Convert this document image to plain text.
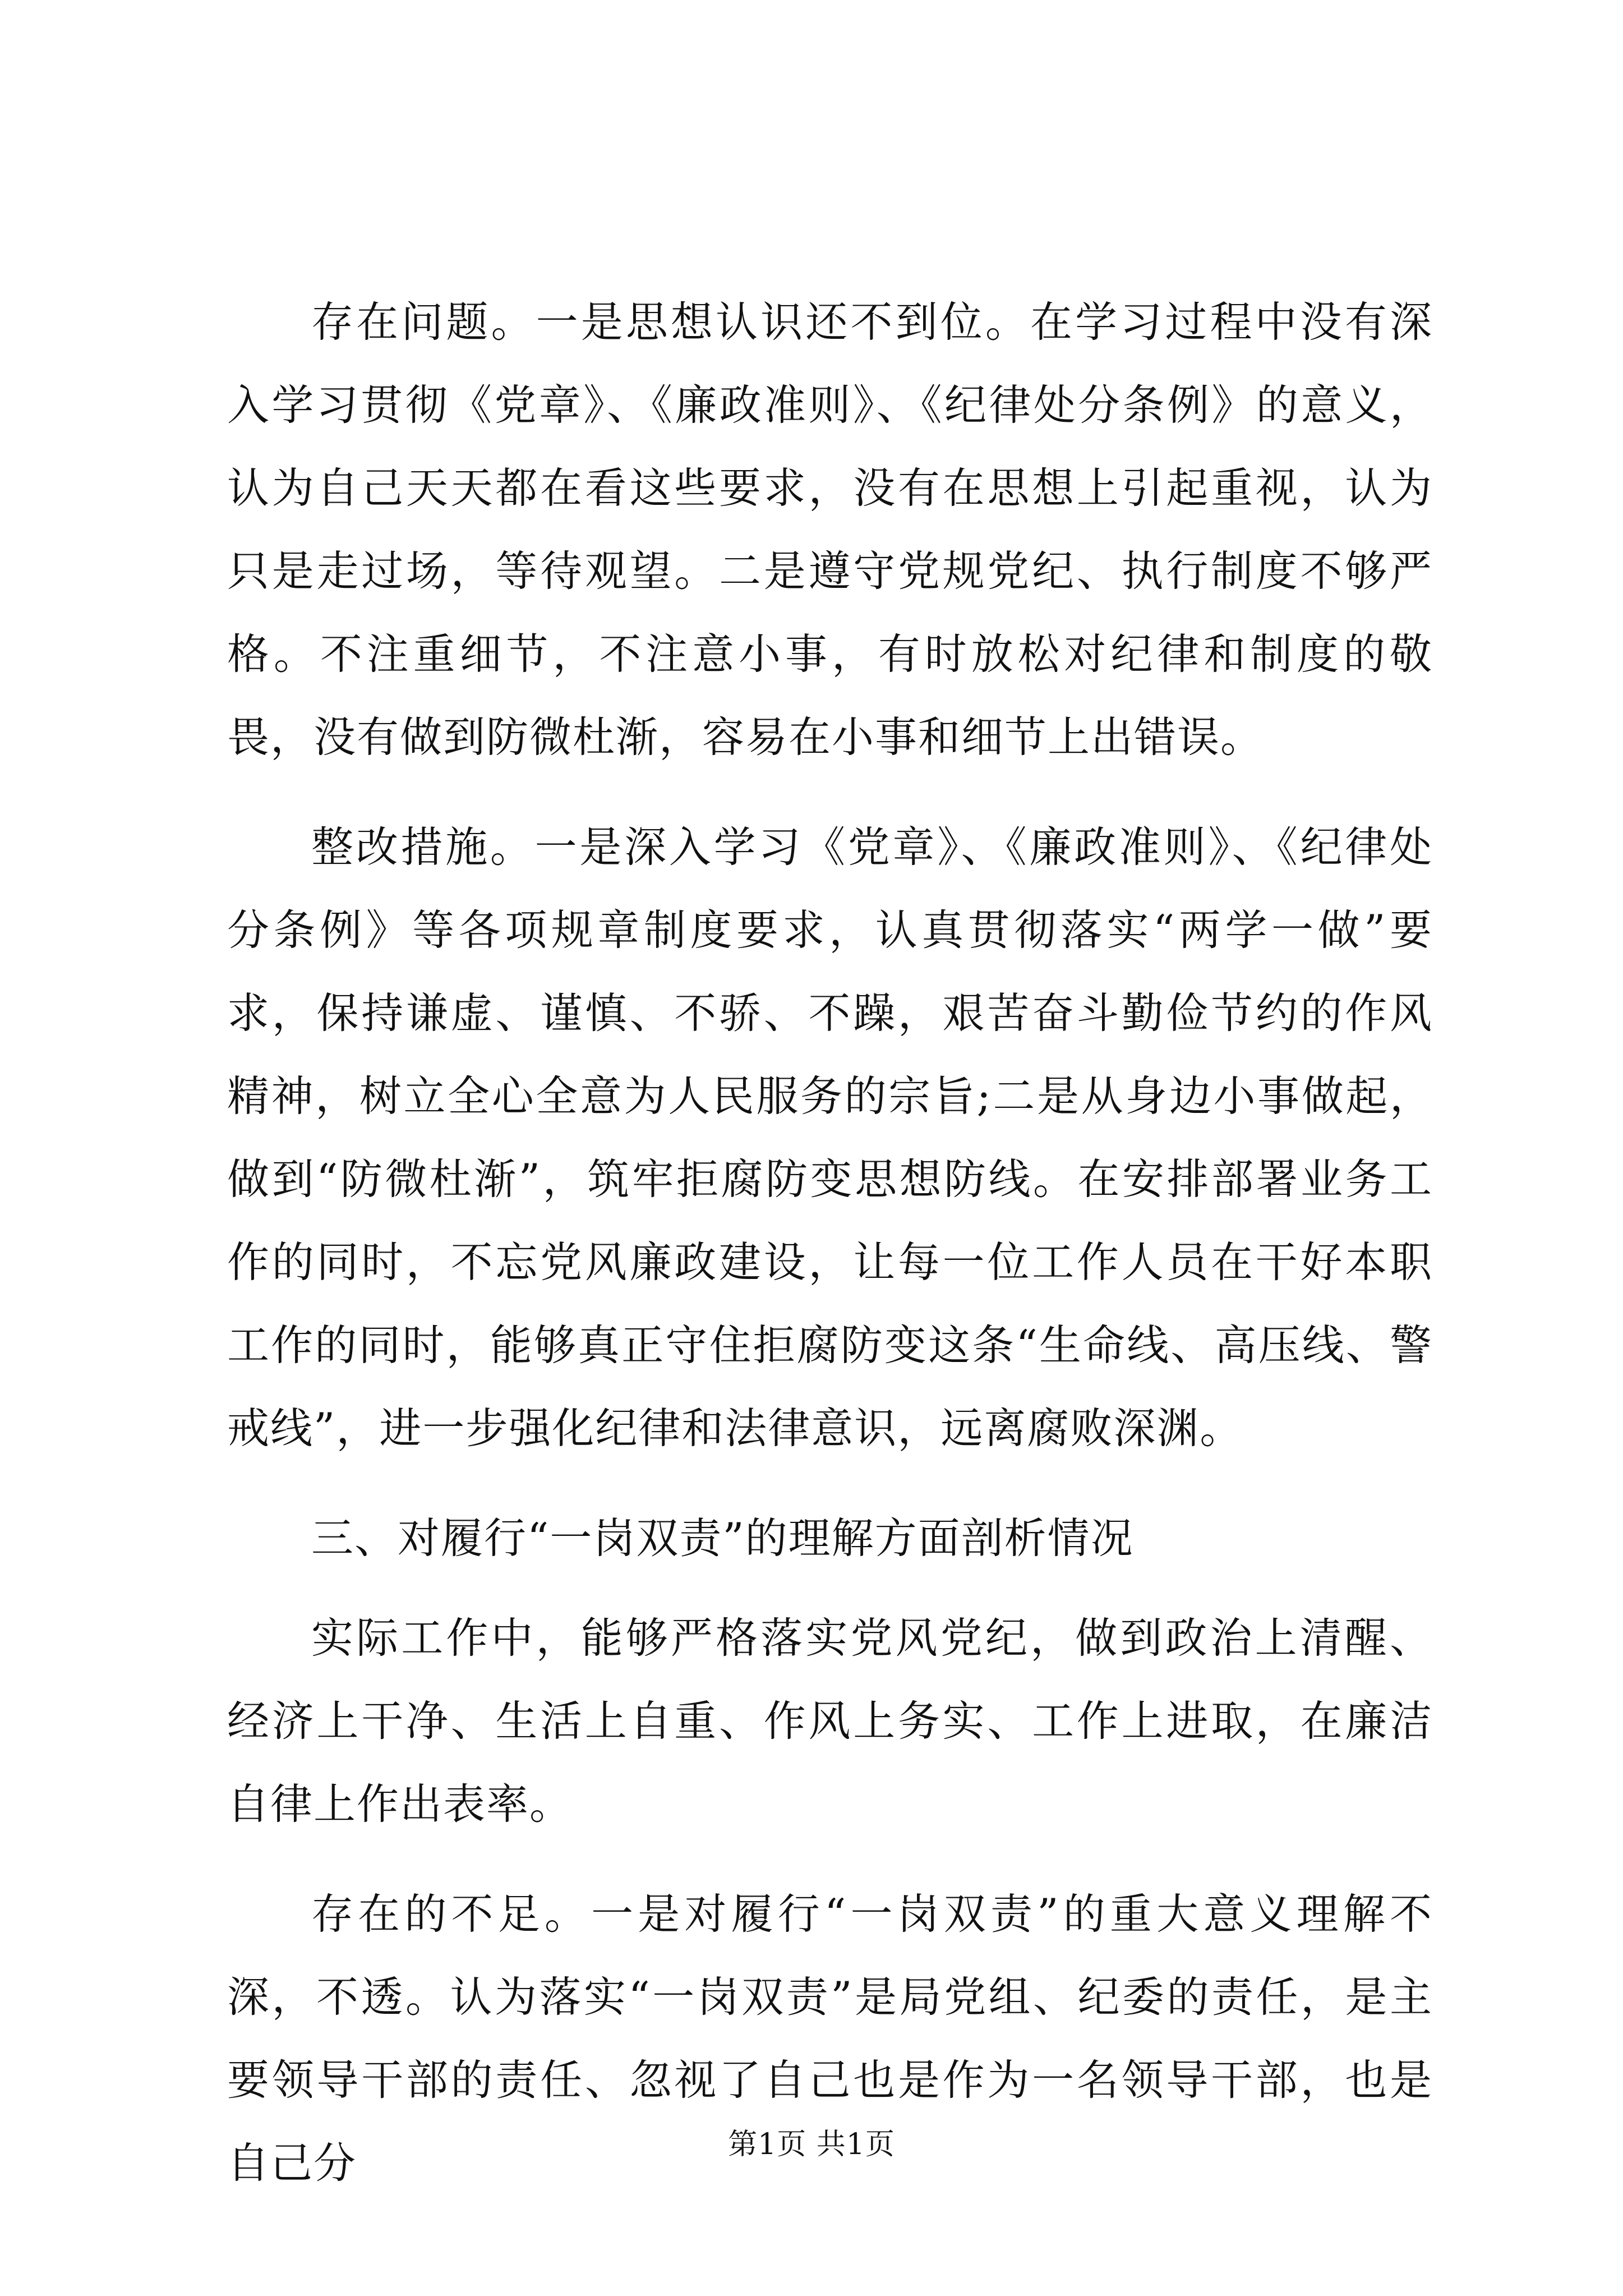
存在问题。一是思想认识还不到位。在学习过程中没有深入学习贯彻《党章》、《廉政准则》、《纪律处分条例》的意义，认为自己天天都在看这些要求，没有在思想上引起重视，认为只是走过场，等待观望。二是遵守党规党纪、执行制度不够严格。不注重细节，不注意小事，有时放松对纪律和制度的敬畏，没有做到防微杜渐，容易在小事和细节上出错误。

整改措施。一是深入学习《党章》、《廉政准则》、《纪律处分条例》等各项规章制度要求，认真贯彻落实“两学一做”要求，保持谦虚、谨慎、不骄、不躁，艰苦奋斗勤俭节约的作风精神，树立全心全意为人民服务的宗旨;二是从身边小事做起，做到“防微杜渐”，筑牢拒腐防变思想防线。在安排部署业务工作的同时，不忘党风廉政建设，让每一位工作人员在干好本职工作的同时，能够真正守住拒腐防变这条“生命线、高压线、警戒线”，进一步强化纪律和法律意识，远离腐败深渊。

三、对履行“一岗双责”的理解方面剖析情况

实际工作中，能够严格落实党风党纪，做到政治上清醒、经济上干净、生活上自重、作风上务实、工作上进取，在廉洁自律上作出表率。

存在的不足。一是对履行“一岗双责”的重大意义理解不深，不透。认为落实“一岗双责”是局党组、纪委的责任，是主要领导干部的责任、忽视了自己也是作为一名领导干部，也是自己分	第1页 共1页
